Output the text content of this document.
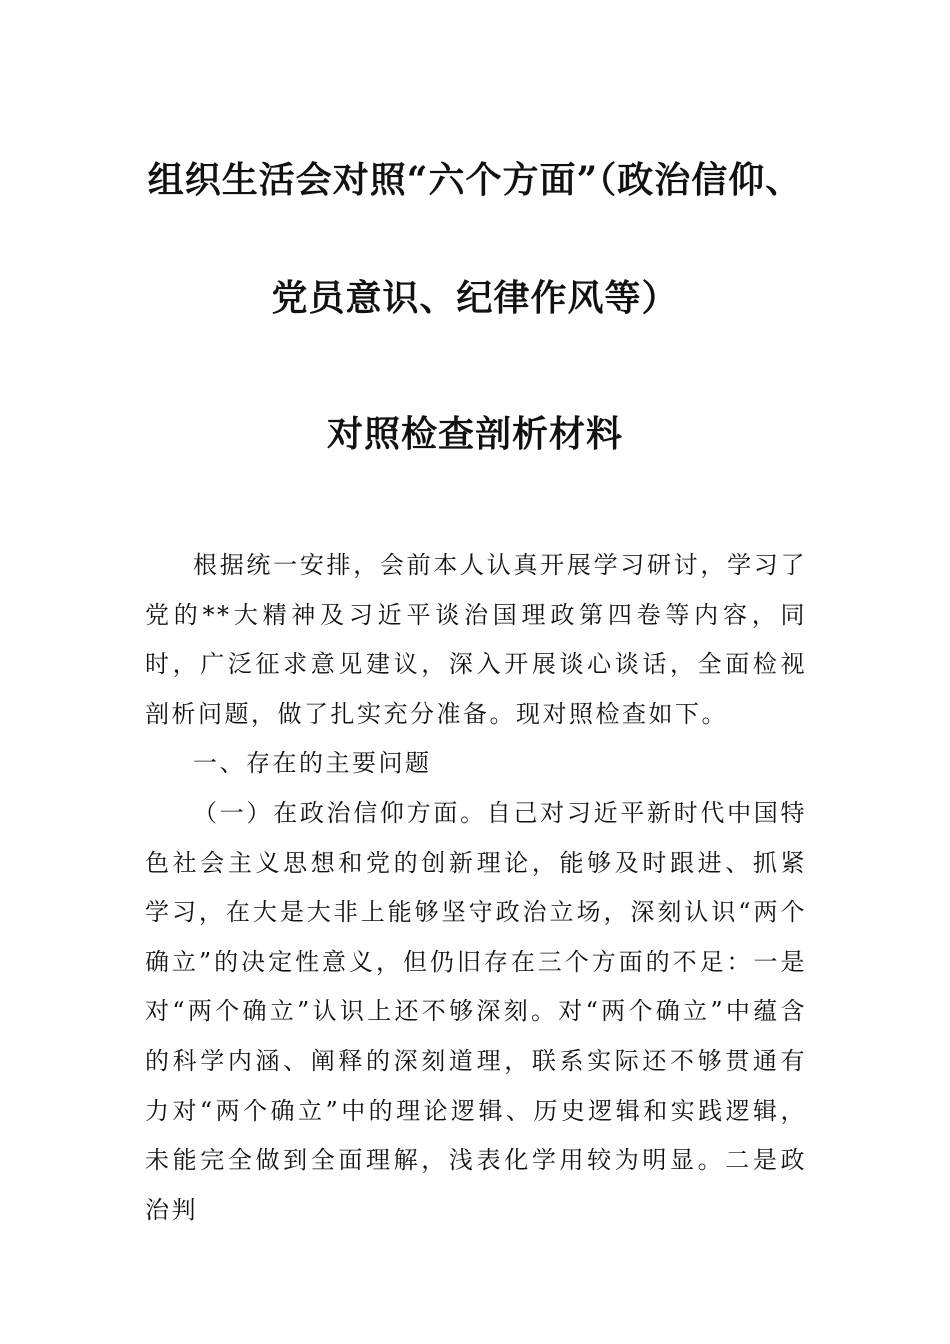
组织生活会对照“六个方面”（政治信仰、
党员意识、纪律作风等）
对照检查剖析材料

根据统一安排，会前本人认真开展学习研讨，学习了党的**大精神及习近平谈治国理政第四卷等内容，同时，广泛征求意见建议，深入开展谈心谈话，全面检视剖析问题，做了扎实充分准备。现对照检查如下。

一、存在的主要问题

（一）在政治信仰方面。自己对习近平新时代中国特色社会主义思想和党的创新理论，能够及时跟进、抓紧学习，在大是大非上能够坚守政治立场，深刻认识“两个确立”的决定性意义，但仍旧存在三个方面的不足：一是对“两个确立”认识上还不够深刻。对“两个确立”中蕴含的科学内涵、阐释的深刻道理，联系实际还不够贯通有力对“两个确立”中的理论逻辑、历史逻辑和实践逻辑，未能完全做到全面理解，浅表化学用较为明显。二是政治判
